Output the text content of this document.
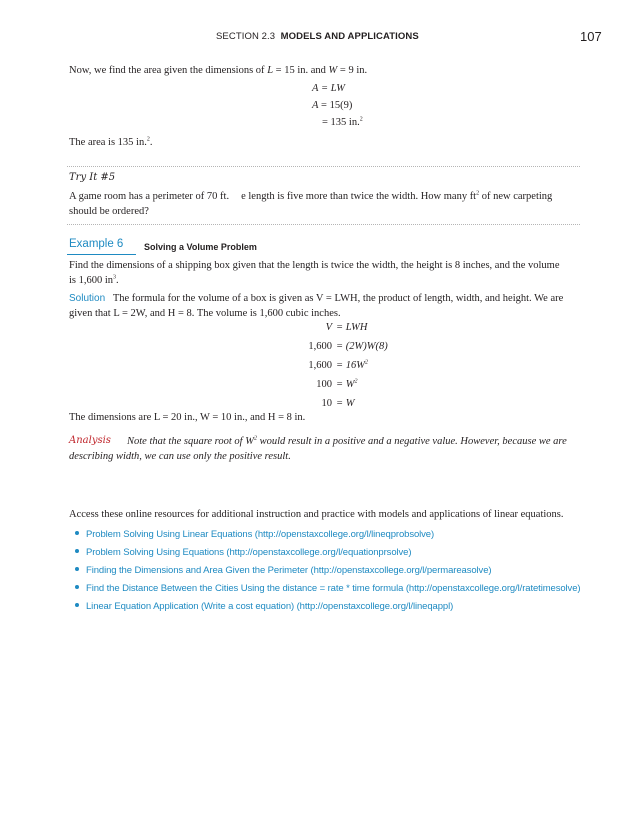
SECTION 2.3 MODELS AND APPLICATIONS	107
Now, we find the area given the dimensions of L = 15 in. and W = 9 in.
A = LW
A = 15(9)
= 135 in.$^2$
The area is 135 in.$^2$.
Try It #5
A game room has a perimeter of 70 ft. e length is five more than twice the width. How many $ft^2$ of new carpeting
should be ordered?
Example 6 Solving a Volume Problem
Find the dimensions of a shipping box given that the length is twice the width, the height is 8 inches, and the volume
is 1,600 $in^3$.
Solution The formula for the volume of a box is given as V = LWH, the product of length, width, and height. We are
given that L = 2W, and H = 8. The volume is 1,600 cubic inches.
V = LWH
1,600 = (2W)W(8)
$1,600 = 16W^2$
$100 = W^2$
10 = W
The dimensions are L = 20 in., W = 10 in., and H = 8 in.
Analysis	Note that the square root of $W^2$ would result in a positive and a negative value. However, because we are
describing width, we can use only the positive result.
Access these online resources for additional instruction and practice with models and applications of linear equations.
Problem Solving Using Linear Equations (http://openstaxcollege.org/l/lineqprobsolve)
Problem Solving Using Equations (http://openstaxcollege.org/l/equationprsolve)
Finding the Dimensions and Area Given the Perimeter (http://openstaxcollege.org/l/permareasolve)
Find the Distance Between the Cities Using the distance = rate * time formula (http://openstaxcollege.org/l/ratetimesolve)
Linear Equation Application (Write a cost equation) (http://openstaxcollege.org/l/lineqappl)
